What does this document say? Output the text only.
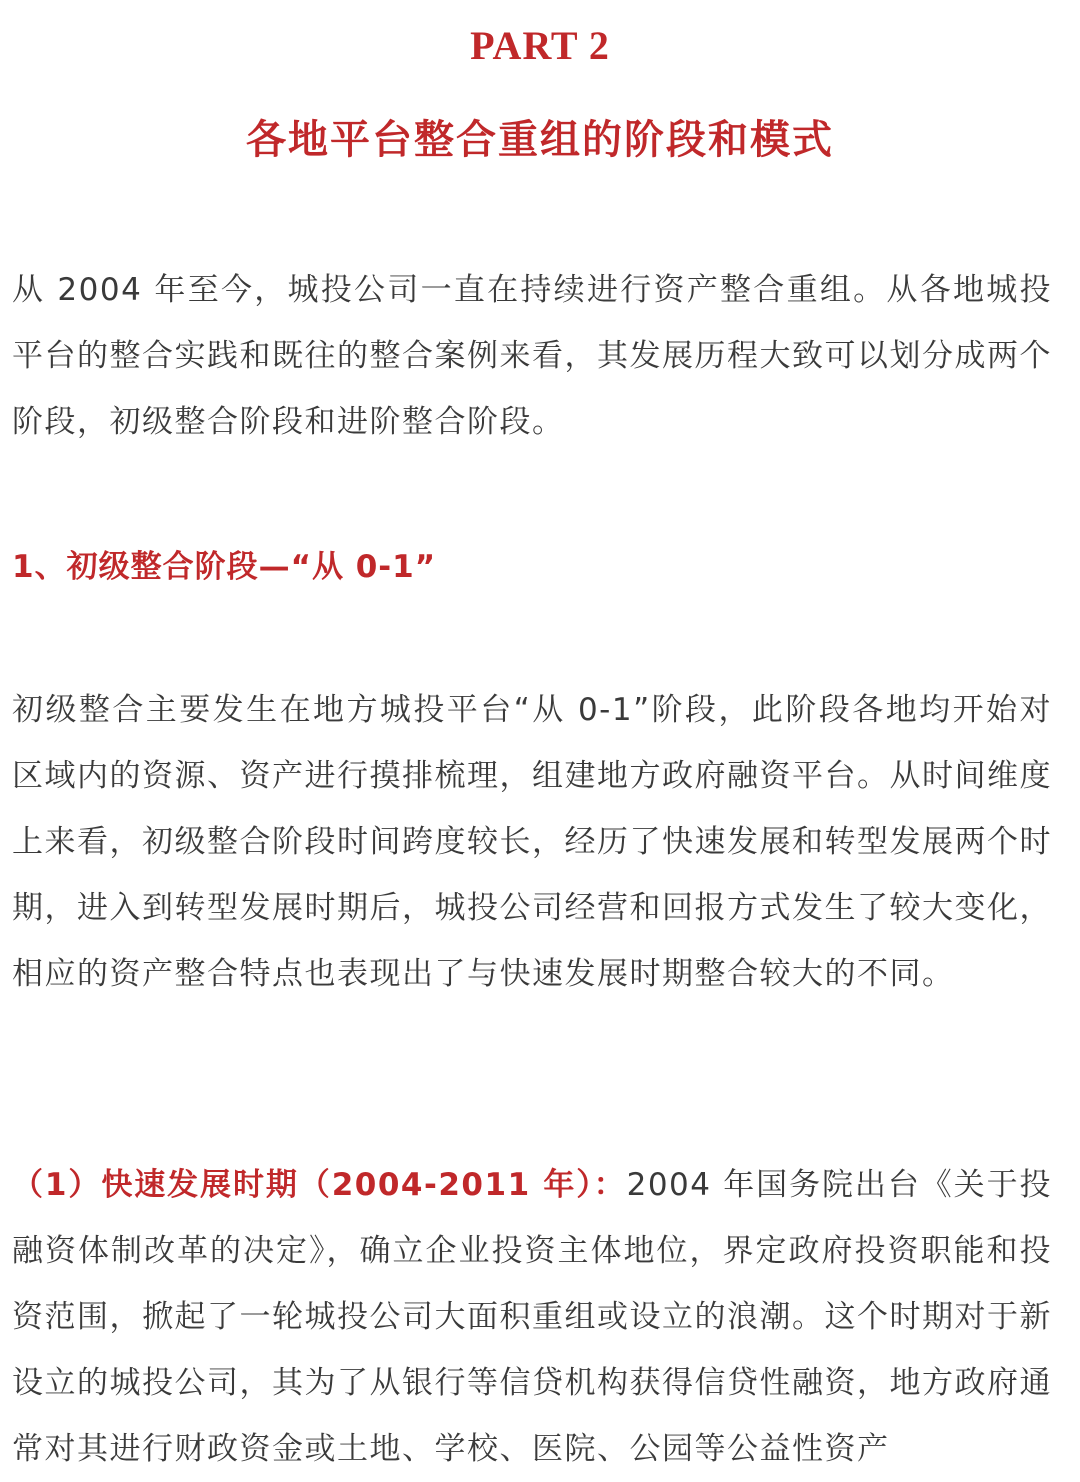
PART 2
各地平台整合重组的阶段和模式

从 2004 年至今，城投公司一直在持续进行资产整合重组。从各地城投平台的整合实践和既往的整合案例来看，其发展历程大致可以划分成两个阶段，初级整合阶段和进阶整合阶段。

1、初级整合阶段—“从 0-1”

初级整合主要发生在地方城投平台“从 0-1”阶段，此阶段各地均开始对区域内的资源、资产进行摸排梳理，组建地方政府融资平台。从时间维度上来看，初级整合阶段时间跨度较长，经历了快速发展和转型发展两个时期，进入到转型发展时期后，城投公司经营和回报方式发生了较大变化，相应的资产整合特点也表现出了与快速发展时期整合较大的不同。

（1）快速发展时期（2004-2011 年）：2004 年国务院出台《关于投融资体制改革的决定》，确立企业投资主体地位，界定政府投资职能和投资范围，掀起了一轮城投公司大面积重组或设立的浪潮。这个时期对于新设立的城投公司，其为了从银行等信贷机构获得信贷性融资，地方政府通常对其进行财政资金或土地、学校、医院、公园等公益性资产
